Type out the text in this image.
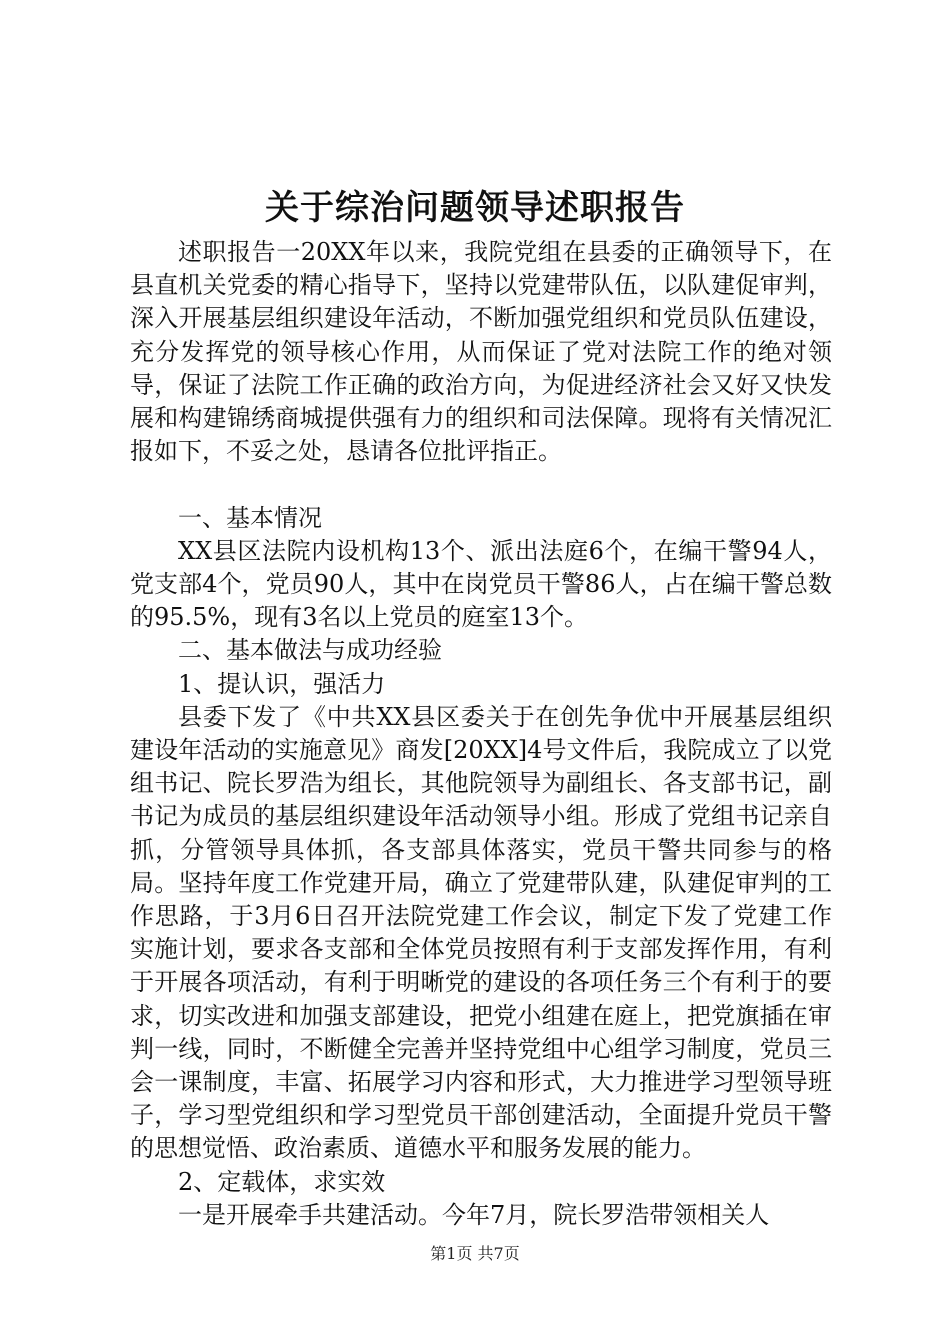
关于综治问题领导述职报告

述职报告一20XX年以来，我院党组在县委的正确领导下，在县直机关党委的精心指导下，坚持以党建带队伍，以队建促审判，深入开展基层组织建设年活动，不断加强党组织和党员队伍建设，充分发挥党的领导核心作用，从而保证了党对法院工作的绝对领导，保证了法院工作正确的政治方向，为促进经济社会又好又快发展和构建锦绣商城提供强有力的组织和司法保障。现将有关情况汇报如下，不妥之处，恳请各位批评指正。

一、基本情况

XX县区法院内设机构13个、派出法庭6个，在编干警94人，党支部4个，党员90人，其中在岗党员干警86人，占在编干警总数的95.5%，现有3名以上党员的庭室13个。

二、基本做法与成功经验

1、提认识，强活力

县委下发了《中共XX县区委关于在创先争优中开展基层组织建设年活动的实施意见》商发[20XX]4号文件后，我院成立了以党组书记、院长罗浩为组长，其他院领导为副组长、各支部书记，副书记为成员的基层组织建设年活动领导小组。形成了党组书记亲自抓，分管领导具体抓，各支部具体落实，党员干警共同参与的格局。坚持年度工作党建开局，确立了党建带队建，队建促审判的工作思路，于3月6日召开法院党建工作会议，制定下发了党建工作实施计划，要求各支部和全体党员按照有利于支部发挥作用，有利于开展各项活动，有利于明晰党的建设的各项任务三个有利于的要求，切实改进和加强支部建设，把党小组建在庭上，把党旗插在审判一线，同时，不断健全完善并坚持党组中心组学习制度，党员三会一课制度，丰富、拓展学习内容和形式，大力推进学习型领导班子，学习型党组织和学习型党员干部创建活动，全面提升党员干警的思想觉悟、政治素质、道德水平和服务发展的能力。

2、定载体，求实效

一是开展牵手共建活动。今年7月，院长罗浩带领相关人

第1页 共7页
